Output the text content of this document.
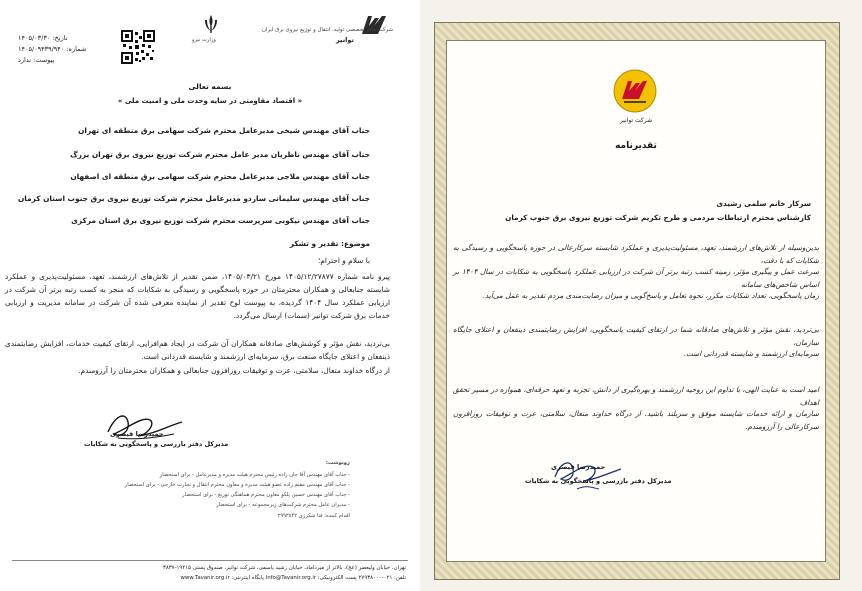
تاریخ: ۱۴۰۵/۰۳/۳۰
شماره: ۱۴۰۵/۰۹۴۳۹/۹۴۰
پیوست: ندارد
وزارت نیرو
شرکت مادر تخصصی تولید، انتقال و توزیع نیروی برق ایران
توانیر
بسمه تعالی
« اقتصاد مقاومتی در سایه وحدت ملی و امنیت ملی »
جناب آقای مهندس شیخی مدیرعامل محترم شرکت سهامی برق منطقه ای تهران
جناب آقای مهندس ناظریان مدیر عامل محترم شرکت توزیع نیروی برق تهران بزرگ
جناب آقای مهندس ملاجی مدیرعامل محترم شرکت سهامی برق منطقه ای اصفهان
جناب آقای مهندس سلیمانی ساردو مدیرعامل محترم شرکت توزیع نیروی برق جنوب استان کرمان
جناب آقای مهندس نیکوبی سرپرست محترم شرکت توزیع نیروی برق استان مرکزی
موضوع: تقدیر و تشکر
با سلام و احترام؛
پیرو نامه شماره ۱۴۰۵/۱۲/۲۷۸۷۷ مورخ ۱۴۰۵/۰۳/۲۱، ضمن تقدیر از تلاش‌های ارزشمند، تعهد، مسئولیت‌پذیری و عملکرد شایسته جنابعالی و همکاران محترمتان در حوزه پاسخگویی و رسیدگی به شکایات که منجر به کسب رتبه برتر آن شرکت در ارزیابی عملکرد سال ۱۴۰۴ گردیده، به پیوست لوح تقدیر از نماینده معرفی شده آن شرکت در سامانه مدیریت و ارزیابی خدمات برق شرکت توانیر (سمات) ارسال می‌گردد.
بی‌تردید، نقش مؤثر و کوشش‌های صادقانه همکاران آن شرکت در ایجاد هم‌افزایی، ارتقای کیفیت خدمات، افزایش رضایتمندی ذینفعان و اعتلای جایگاه صنعت برق، سرمایه‌ای ارزشمند و شایسته قدردانی است.
از درگاه خداوند متعال، سلامتی، عزت و توفیقات روزافزون جنابعالی و همکاران محترمتان را آرزومندم.
حمیدرضا قیصری
مدیرکل دفتر بازرسی و پاسخگویی به شکایات
رونوشت:
- جناب آقای مهندس آقا جان زاده رئیس محترم هیئت مدیره و مدیرعامل - برای استحضار
- جناب آقای مهندس مقیم زاده عضو هیئت مدیره و معاون محترم انتقال و تجارت خارجی - برای استحضار
- جناب آقای مهندس حسین پلکو معاون محترم هماهنگی توزیع - برای استحضار
- مدیران عامل محترم شرکت‌های زیرمجموعه - برای استحضار
اقدام کننده: فتا شکرزی ۲۹۹۳۸۴۲
تهران، خیابان ولیعصر (عج)، بالاتر از میرداماد، خیابان رشید یاسمی، شرکت توانیر، صندوق پستی ۱۹۴۱۵-۳۸۳۷
تلفن: ۰۲۱-۲۷۹۳۸۰۰۰ پست الکترونیکی: Info@Tavanir.org.ir پایگاه اینترنتی: www.Tavanir.org.ir
شرکت توانیر
تقدیرنامه
سرکار خانم سلمی رشیدی
کارشناس محترم ارتباطات مردمی و طرح تکریم شرکت توزیع نیروی برق جنوب کرمان
بدین‌وسیله از تلاش‌های ارزشمند، تعهد، مسئولیت‌پذیری و عملکرد شایسته سرکارعالی در حوزه پاسخگویی و رسیدگی به شکایات که با دقت،
سرعت عمل و پیگیری مؤثر، زمینه کسب رتبه برتر آن شرکت در ارزیابی عملکرد پاسخگویی به شکایات در سال ۱۴۰۴ بر اساس شاخص‌های سامانه
زمان پاسخگویی، تعداد شکایات مکرر، نحوه تعامل و پاسخ‌گویی و میزان رضایت‌مندی مردم تقدیر به عمل می‌آید.
بی‌تردید، نقش مؤثر و تلاش‌های صادقانه شما در ارتقای کیفیت پاسخگویی، افزایش رضایتمندی ذینفعان و اعتلای جایگاه سازمان،
سرمایه‌ای ارزشمند و شایسته قدردانی است.
امید است به عنایت الهی، با تداوم این روحیه ارزشمند و بهره‌گیری از دانش، تجربه و تعهد حرفه‌ای، همواره در مسیر تحقق اهداف
سازمان و ارائه خدمات شایسته موفق و سربلند باشید. از درگاه خداوند متعال، سلامتی، عزت و توفیقات روزافزون سرکارعالی را آرزومندم.
حمیدرضا قیصری
مدیرکل دفتر بازرسی و پاسخگویی به شکایات
